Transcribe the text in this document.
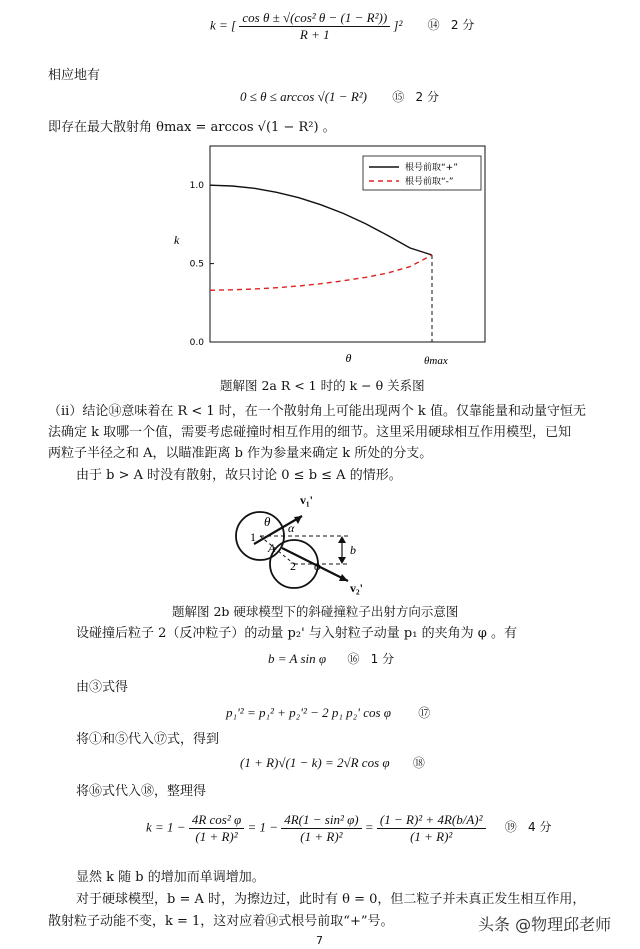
k = [ $\frac{\text{cos θ ± √(cos² θ − (1 − R²))}}{R + 1} ]^2$ ⑭ 2 分
相应地有
0 ≤ θ ≤ arccos √(1 − R²) ⑮ 2 分
即存在最大散射角 θmax = arccos √(1 − R²) 。
0.0
0.5
1.0
k
θ	θmax
根号前取“+”
根号前取“-”
题解图 2a R < 1 时的 k − θ 关系图
（ii）结论⑭意味着在 R < 1 时，在一个散射角上可能出现两个 k 值。仅靠能量和动量守恒无
法确定 k 取哪一个值，需要考虑碰撞时相互作用的细节。这里采用硬球相互作用模型，已知
两粒子半径之和 A，以瞄准距离 b 作为参量来确定 k 所处的分支。
由于 b > A 时没有散射，故只讨论 0 ≤ b ≤ A 的情形。
v₁'
θ α
1
A	b
2 φ
v₂'
题解图 2b 硬球模型下的斜碰撞粒子出射方向示意图
设碰撞后粒子 2（反冲粒子）的动量 p₂' 与入射粒子动量 p₁ 的夹角为 φ 。有
b = A sin φ ⑯ 1 分
由③式得
p₁'² = p₁² + p₂'² − 2 p₁ p₂' cos φ ⑰
将①和⑤代入⑰式，得到
(1 + R)√(1 − k) = 2√R cos φ ⑱
将⑯式代入⑱，整理得
$k = 1 - \frac{\text{4R cos² φ}}{\text{(1 + R)²}} = 1 - \frac{\text{4R(1 − sin² φ)}}{\text{(1 + R)²}} = \frac{\text{(1 − R)² + 4R(b/A)²}}{\text{(1 + R)²}}$ ⑲ 4 分
显然 k 随 b 的增加而单调增加。
对于硬球模型，b = A 时，为擦边过，此时有 θ = 0，但二粒子并未真正发生相互作用，
散射粒子动能不变，k = 1，这对应着⑭式根号前取“+”号。
7
头条 @物理邱老师
